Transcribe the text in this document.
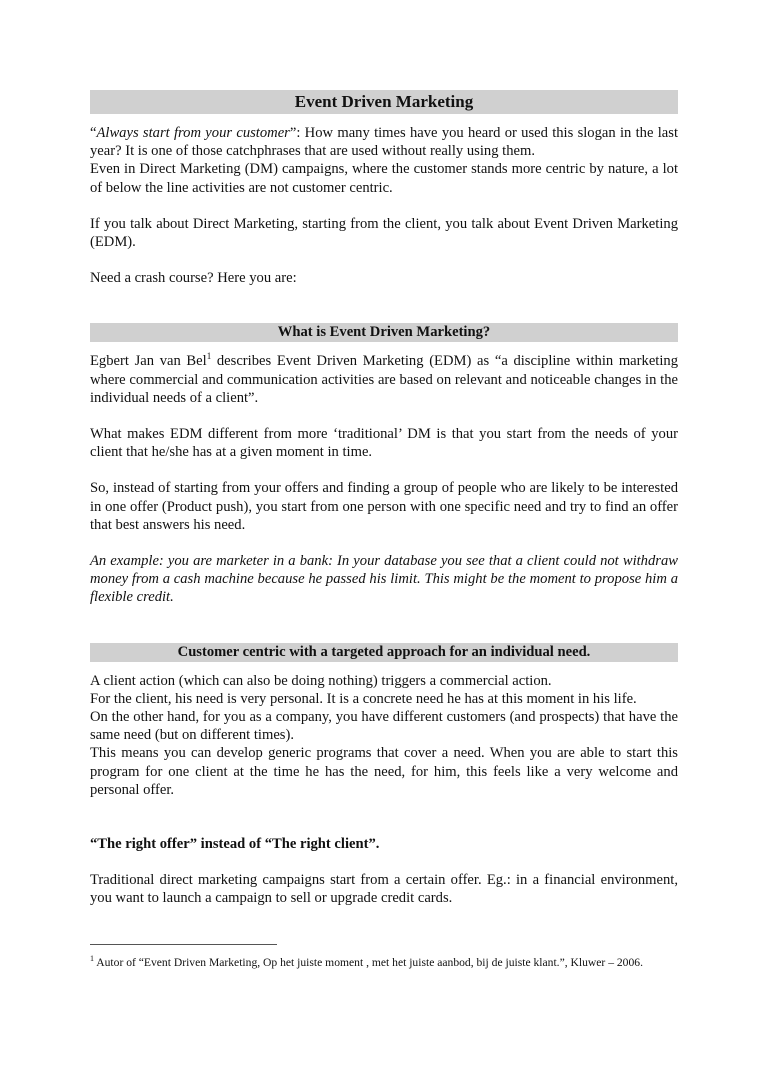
Event Driven Marketing

“Always start from your customer”: How many times have you heard or used this slogan in the last year? It is one of those catchphrases that are used without really using them.

Even in Direct Marketing (DM) campaigns, where the customer stands more centric by nature, a lot of below the line activities are not customer centric.

If you talk about Direct Marketing, starting from the client, you talk about Event Driven Marketing (EDM).

Need a crash course? Here you are:

What is Event Driven Marketing?

Egbert Jan van Bel$^1$ describes Event Driven Marketing (EDM) as “a discipline within marketing where commercial and communication activities are based on relevant and noticeable changes in the individual needs of a client”.

What makes EDM different from more ‘traditional’ DM is that you start from the needs of your client that he/she has at a given moment in time.

So, instead of starting from your offers and finding a group of people who are likely to be interested in one offer (Product push), you start from one person with one specific need and try to find an offer that best answers his need.

An example: you are marketer in a bank: In your database you see that a client could not withdraw money from a cash machine because he passed his limit. This might be the moment to propose him a flexible credit.

Customer centric with a targeted approach for an individual need.

A client action (which can also be doing nothing) triggers a commercial action.

For the client, his need is very personal. It is a concrete need he has at this moment in his life.

On the other hand, for you as a company, you have different customers (and prospects) that have the same need (but on different times).

This means you can develop generic programs that cover a need. When you are able to start this program for one client at the time he has the need, for him, this feels like a very welcome and personal offer.

“The right offer” instead of “The right client”.

Traditional direct marketing campaigns start from a certain offer. Eg.: in a financial environment, you want to launch a campaign to sell or upgrade credit cards.

$^1$ Autor of “Event Driven Marketing, Op het juiste moment , met het juiste aanbod, bij de juiste klant.”, Kluwer – 2006.
